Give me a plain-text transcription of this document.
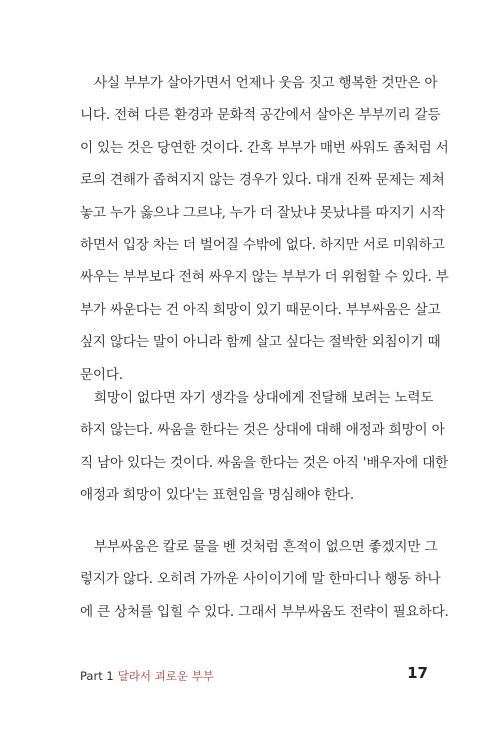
사실 부부가 살아가면서 언제나 웃음 짓고 행복한 것만은 아
니다. 전혀 다른 환경과 문화적 공간에서 살아온 부부끼리 갈등
이 있는 것은 당연한 것이다. 간혹 부부가 매번 싸워도 좀처럼 서
로의 견해가 좁혀지지 않는 경우가 있다. 대개 진짜 문제는 제쳐
놓고 누가 옳으냐 그르냐, 누가 더 잘났냐 못났냐를 따지기 시작
하면서 입장 차는 더 벌어질 수밖에 없다. 하지만 서로 미워하고
싸우는 부부보다 전혀 싸우지 않는 부부가 더 위험할 수 있다. 부
부가 싸운다는 건 아직 희망이 있기 때문이다. 부부싸움은 살고
싶지 않다는 말이 아니라 함께 살고 싶다는 절박한 외침이기 때
문이다.

희망이 없다면 자기 생각을 상대에게 전달해 보려는 노력도
하지 않는다. 싸움을 한다는 것은 상대에 대해 애정과 희망이 아
직 남아 있다는 것이다. 싸움을 한다는 것은 아직 '배우자에 대한
애정과 희망이 있다'는 표현임을 명심해야 한다.

부부싸움은 칼로 물을 벤 것처럼 흔적이 없으면 좋겠지만 그
렇지가 않다. 오히려 가까운 사이이기에 말 한마디나 행동 하나
에 큰 상처를 입힐 수 있다. 그래서 부부싸움도 전략이 필요하다.

Part 1 달라서 괴로운 부부	17
